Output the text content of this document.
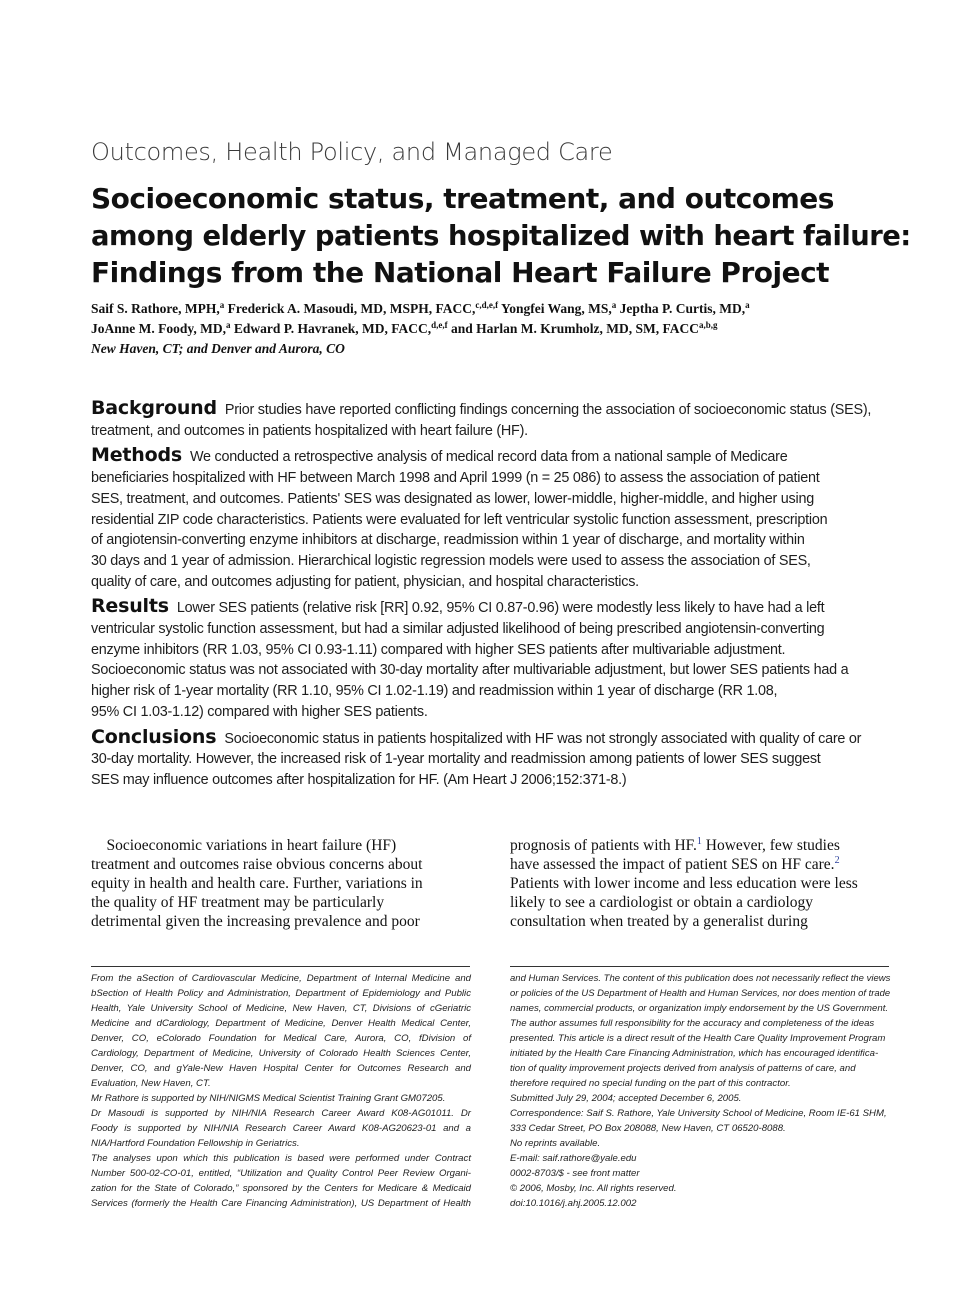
Outcomes, Health Policy, and Managed Care
Socioeconomic status, treatment, and outcomes
among elderly patients hospitalized with heart failure:
Findings from the National Heart Failure Project
Saif S. Rathore, MPH,$^a$ Frederick A. Masoudi, MD, MSPH, FACC,$^{c,d,e,f}$ Yongfei Wang, MS,$^a$ Jeptha P. Curtis, MD,$^a$
JoAnne M. Foody, MD,$^a$ Edward P. Havranek, MD, FACC,$^{d,e,f}$ and Harlan M. Krumholz, MD, SM, FACC$^{a,b,g}$
New Haven, CT; and Denver and Aurora, CO
Background Prior studies have reported conflicting findings concerning the association of socioeconomic status (SES),
treatment, and outcomes in patients hospitalized with heart failure (HF).
Methods We conducted a retrospective analysis of medical record data from a national sample of Medicare
beneficiaries hospitalized with HF between March 1998 and April 1999 (n = 25 086) to assess the association of patient
SES, treatment, and outcomes. Patients' SES was designated as lower, lower-middle, higher-middle, and higher using
residential ZIP code characteristics. Patients were evaluated for left ventricular systolic function assessment, prescription
of angiotensin-converting enzyme inhibitors at discharge, readmission within 1 year of discharge, and mortality within
30 days and 1 year of admission. Hierarchical logistic regression models were used to assess the association of SES,
quality of care, and outcomes adjusting for patient, physician, and hospital characteristics.
Results Lower SES patients (relative risk [RR] 0.92, 95% CI 0.87-0.96) were modestly less likely to have had a left
ventricular systolic function assessment, but had a similar adjusted likelihood of being prescribed angiotensin-converting
enzyme inhibitors (RR 1.03, 95% CI 0.93-1.11) compared with higher SES patients after multivariable adjustment.
Socioeconomic status was not associated with 30-day mortality after multivariable adjustment, but lower SES patients had a
higher risk of 1-year mortality (RR 1.10, 95% CI 1.02-1.19) and readmission within 1 year of discharge (RR 1.08,
95% CI 1.03-1.12) compared with higher SES patients.
Conclusions Socioeconomic status in patients hospitalized with HF was not strongly associated with quality of care or
30-day mortality. However, the increased risk of 1-year mortality and readmission among patients of lower SES suggest
SES may influence outcomes after hospitalization for HF. (Am Heart J 2006;152:371-8.)
Socioeconomic variations in heart failure (HF)
treatment and outcomes raise obvious concerns about
equity in health and health care. Further, variations in
the quality of HF treatment may be particularly
detrimental given the increasing prevalence and poor
prognosis of patients with HF.$^1$ However, few studies
have assessed the impact of patient SES on HF care.$^2$
Patients with lower income and less education were less
likely to see a cardiologist or obtain a cardiology
consultation when treated by a generalist during
From the aSection of Cardiovascular Medicine, Department of Internal Medicine and
bSection of Health Policy and Administration, Department of Epidemiology and Public
Health, Yale University School of Medicine, New Haven, CT, Divisions of cGeriatric
Medicine and dCardiology, Department of Medicine, Denver Health Medical Center,
Denver, CO, eColorado Foundation for Medical Care, Aurora, CO, fDivision of
Cardiology, Department of Medicine, University of Colorado Health Sciences Center,
Denver, CO, and gYale-New Haven Hospital Center for Outcomes Research and
Evaluation, New Haven, CT.
Mr Rathore is supported by NIH/NIGMS Medical Scientist Training Grant GM07205.
Dr Masoudi is supported by NIH/NIA Research Career Award K08-AG01011. Dr
Foody is supported by NIH/NIA Research Career Award K08-AG20623-01 and a
NIA/Hartford Foundation Fellowship in Geriatrics.
The analyses upon which this publication is based were performed under Contract
Number 500-02-CO-01, entitled, “Utilization and Quality Control Peer Review Organi-
zation for the State of Colorado,” sponsored by the Centers for Medicare & Medicaid
Services (formerly the Health Care Financing Administration), US Department of Health
and Human Services. The content of this publication does not necessarily reflect the views
or policies of the US Department of Health and Human Services, nor does mention of trade
names, commercial products, or organization imply endorsement by the US Government.
The author assumes full responsibility for the accuracy and completeness of the ideas
presented. This article is a direct result of the Health Care Quality Improvement Program
initiated by the Health Care Financing Administration, which has encouraged identifica-
tion of quality improvement projects derived from analysis of patterns of care, and
therefore required no special funding on the part of this contractor.
Submitted July 29, 2004; accepted December 6, 2005.
Correspondence: Saif S. Rathore, Yale University School of Medicine, Room IE-61 SHM,
333 Cedar Street, PO Box 208088, New Haven, CT 06520-8088.
No reprints available.
E-mail: saif.rathore@yale.edu
0002-8703/$ - see front matter
© 2006, Mosby, Inc. All rights reserved.
doi:10.1016/j.ahj.2005.12.002
